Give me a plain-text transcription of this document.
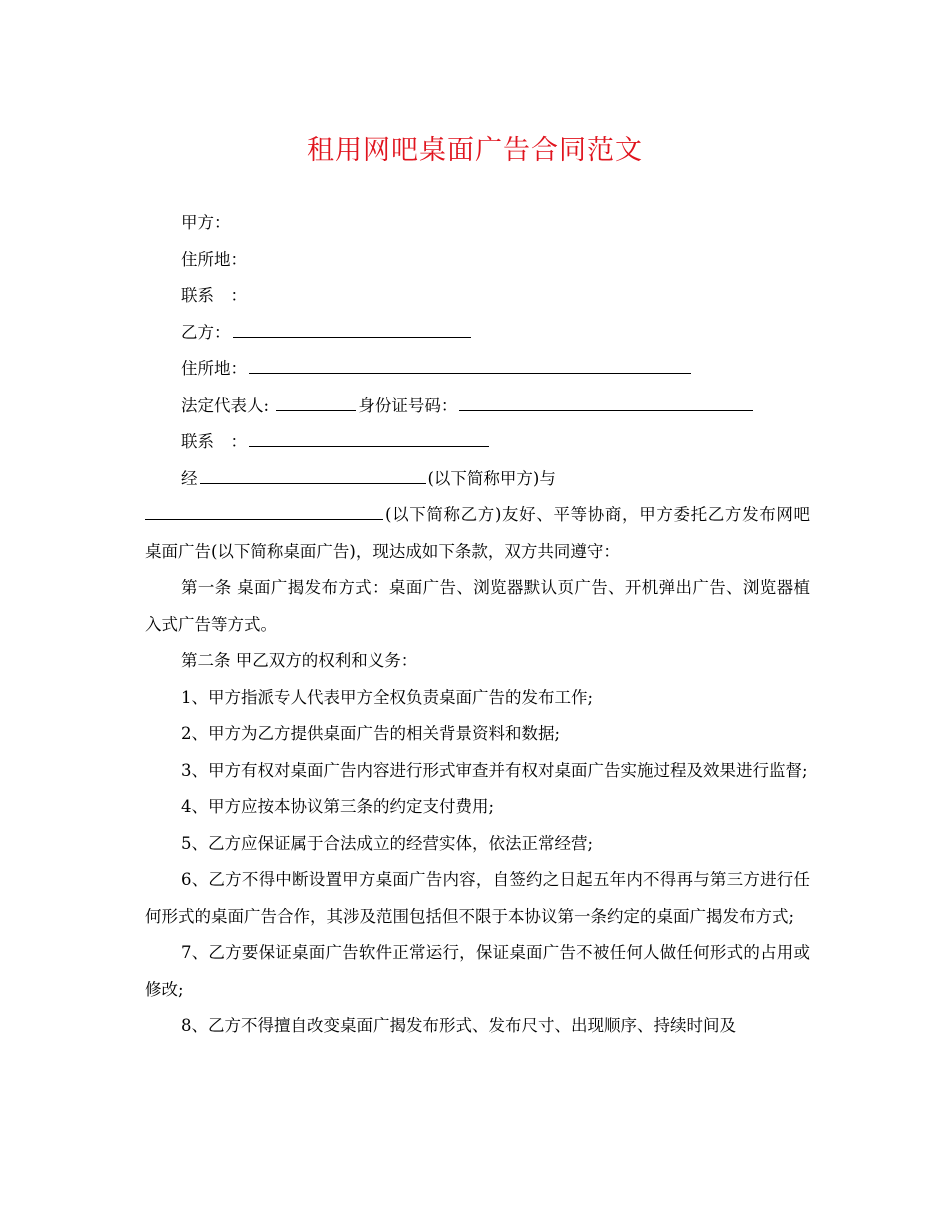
租用网吧桌面广告合同范文
甲方：
住所地：
联系　：
乙方：
住所地：
法定代表人:	身份证号码：
联系　：
经	(以下简称甲方)与
(以下简称乙方)友好、平等协商，甲方委托乙方发布网吧桌面广告(以下简称桌面广告)，现达成如下条款，双方共同遵守：
第一条 桌面广揭发布方式：桌面广告、浏览器默认页广告、开机弹出广告、浏览器植入式广告等方式。
第二条 甲乙双方的权利和义务：
1、甲方指派专人代表甲方全权负责桌面广告的发布工作;
2、甲方为乙方提供桌面广告的相关背景资料和数据;
3、甲方有权对桌面广告内容进行形式审查并有权对桌面广告实施过程及效果进行监督;
4、甲方应按本协议第三条的约定支付费用;
5、乙方应保证属于合法成立的经营实体，依法正常经营;
6、乙方不得中断设置甲方桌面广告内容，自签约之日起五年内不得再与第三方进行任何形式的桌面广告合作，其涉及范围包括但不限于本协议第一条约定的桌面广揭发布方式;
7、乙方要保证桌面广告软件正常运行，保证桌面广告不被任何人做任何形式的占用或修改;
8、乙方不得擅自改变桌面广揭发布形式、发布尺寸、出现顺序、持续时间及
